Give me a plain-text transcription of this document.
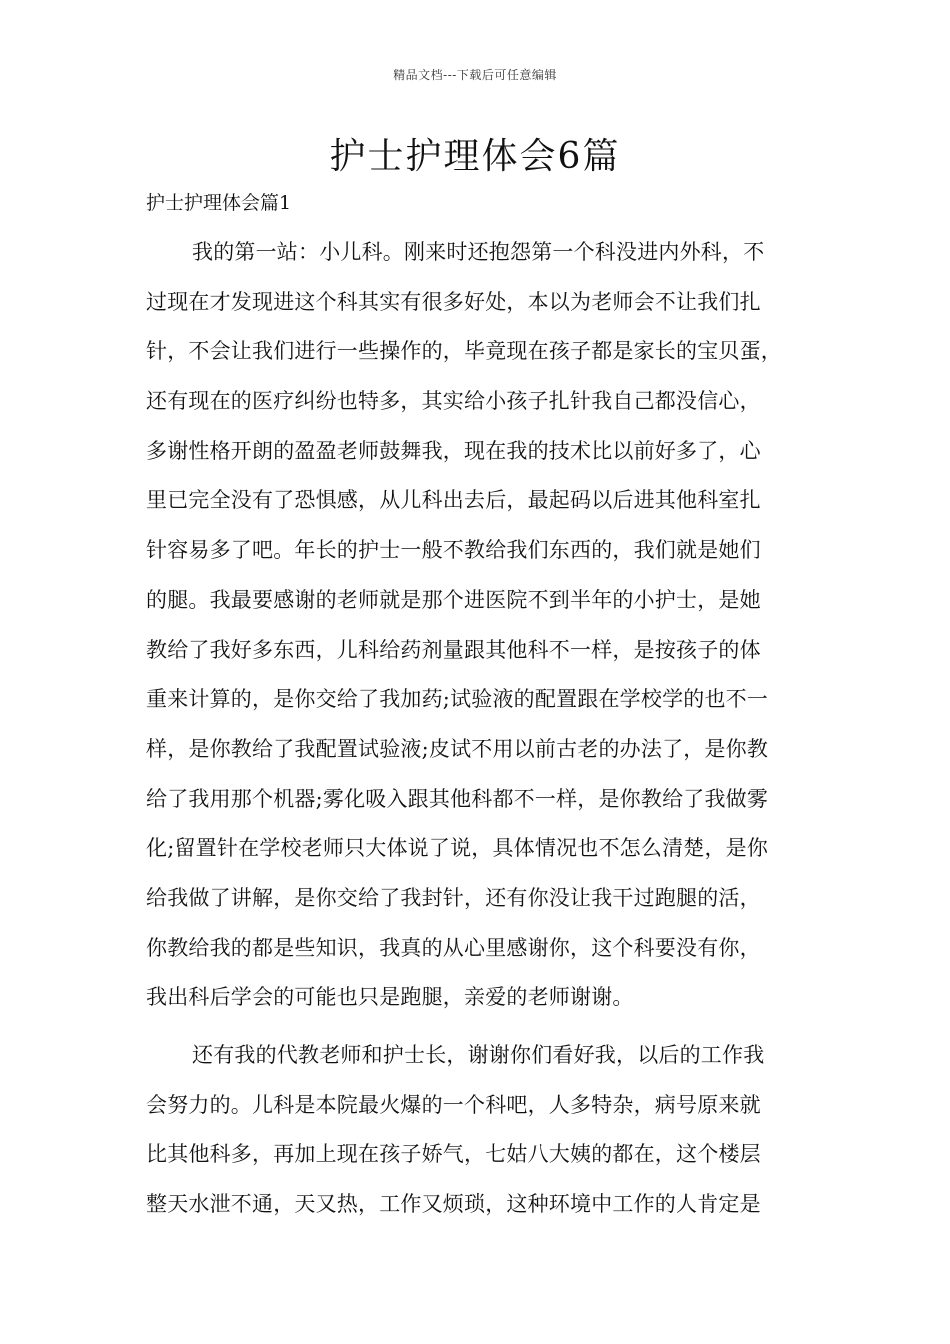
精品文档---下载后可任意编辑
护士护理体会6篇
护士护理体会篇1
我的第一站：小儿科。刚来时还抱怨第一个科没进内外科，不
过现在才发现进这个科其实有很多好处，本以为老师会不让我们扎
针，不会让我们进行一些操作的，毕竟现在孩子都是家长的宝贝蛋，
还有现在的医疗纠纷也特多，其实给小孩子扎针我自己都没信心，
多谢性格开朗的盈盈老师鼓舞我，现在我的技术比以前好多了，心
里已完全没有了恐惧感，从儿科出去后，最起码以后进其他科室扎
针容易多了吧。年长的护士一般不教给我们东西的，我们就是她们
的腿。我最要感谢的老师就是那个进医院不到半年的小护士，是她
教给了我好多东西，儿科给药剂量跟其他科不一样，是按孩子的体
重来计算的，是你交给了我加药;试验液的配置跟在学校学的也不一
样，是你教给了我配置试验液;皮试不用以前古老的办法了，是你教
给了我用那个机器;雾化吸入跟其他科都不一样，是你教给了我做雾
化;留置针在学校老师只大体说了说，具体情况也不怎么清楚，是你
给我做了讲解，是你交给了我封针，还有你没让我干过跑腿的活，
你教给我的都是些知识，我真的从心里感谢你，这个科要没有你，
我出科后学会的可能也只是跑腿，亲爱的老师谢谢。
还有我的代教老师和护士长，谢谢你们看好我，以后的工作我
会努力的。儿科是本院最火爆的一个科吧，人多特杂，病号原来就
比其他科多，再加上现在孩子娇气，七姑八大姨的都在，这个楼层
整天水泄不通，天又热，工作又烦琐，这种环境中工作的人肯定是
